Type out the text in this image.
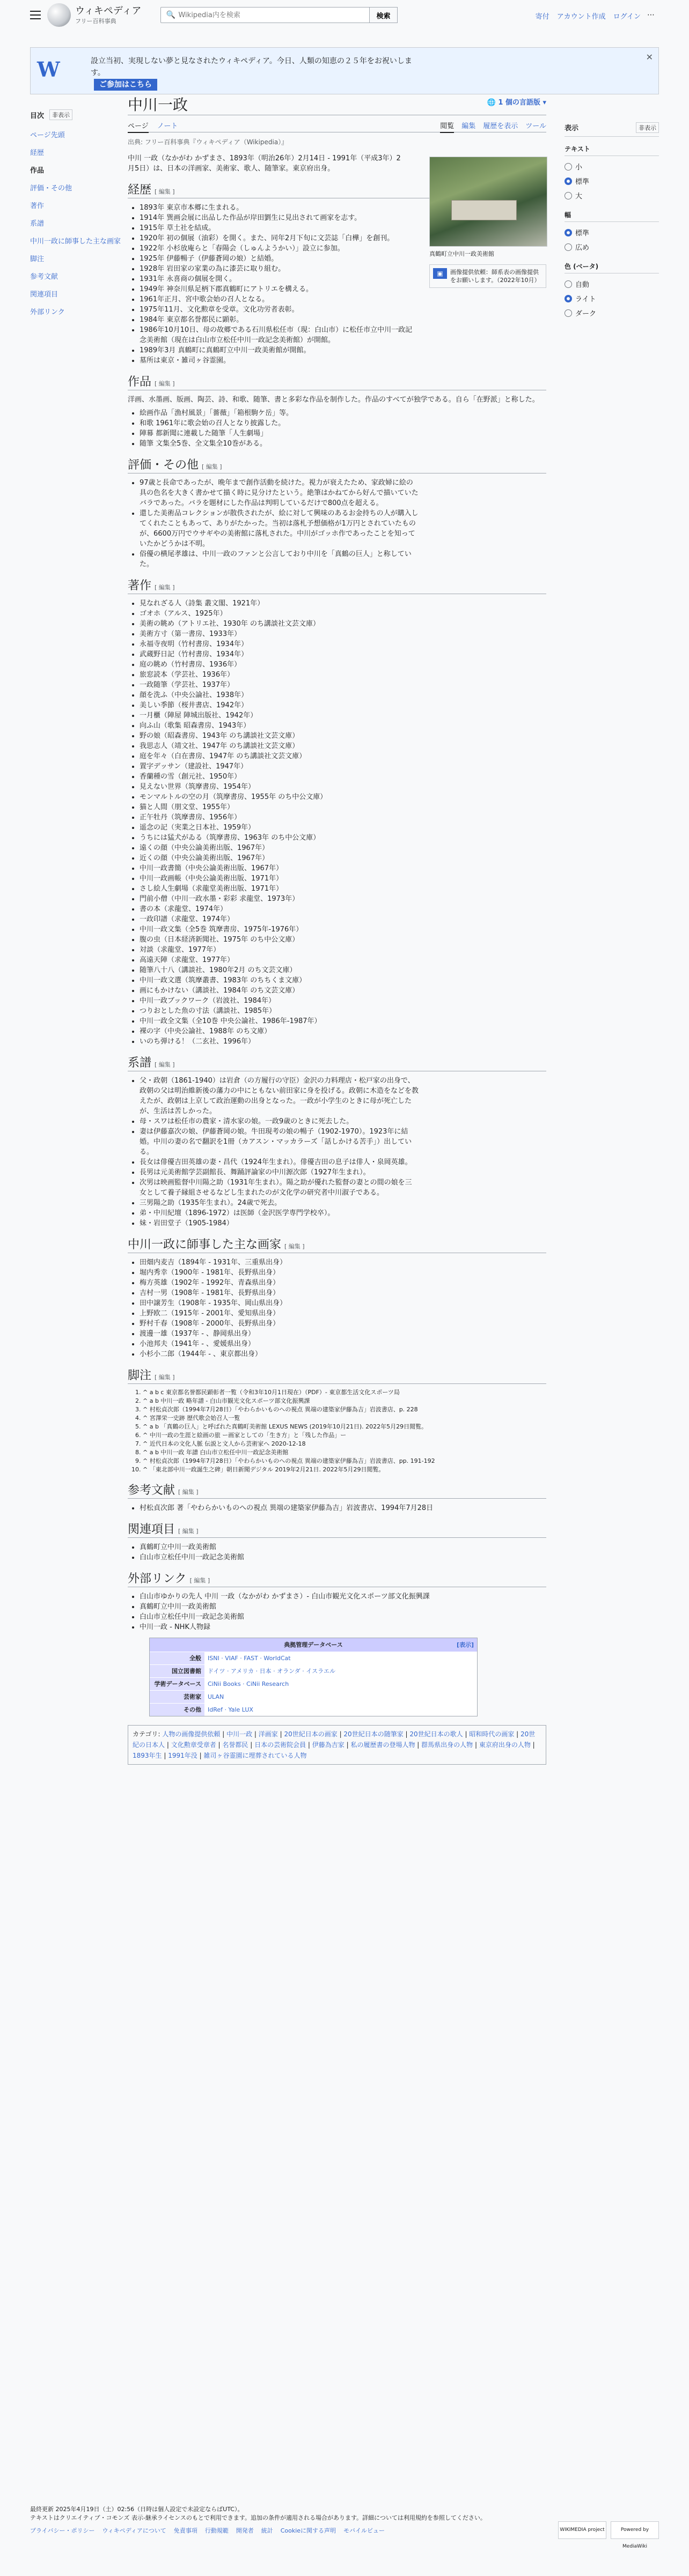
ウィキペディア
フリー百科事典
🔍
Wikipedia内を検索	検索	寄付 アカウント作成 ログイン ⋯
W	設立当初、実現しない夢と見なされたウィキペディア。今日、人類の知恵の２５年をお祝いします。
ご参加はこちら
✕
目次	非表示
ページ先頭
経歴
作品
評価・その他
著作
系譜
中川一政に師事した主な画家
脚注
参考文献
関連項目
外部リンク
中川一政	🌐 1 個の言語版 ▾
ページ ノート	閲覧 編集 履歴を表示 ツール
出典: フリー百科事典『ウィキペディア（Wikipedia）』
真鶴町立中川一政美術館
▣	画像提供依頼：師系表の画像提供をお願いします。（2022年10月）

中川 一政（なかがわ かずまさ、1893年（明治26年）2月14日 - 1991年（平成3年）2月5日）は、日本の洋画家、美術家、歌人、随筆家。東京府出身。

経歴 [ 編集 ]
• 1893年 東京市本郷に生まれる。
• 1914年 巽画会展に出品した作品が岸田劉生に見出されて画家を志す。
• 1915年 草土社を結成。
• 1920年 初の個展（油彩）を開く。また、同年2月下旬に文芸誌「白樺」を創刊。
• 1922年 小杉放庵らと「春陽会（しゅんようかい）」設立に参加。
• 1925年 伊藤暢子（伊藤蒼岡の娘）と結婚。
• 1928年 岩田家の家業の為に漆芸に取り組む。
• 1931年 永喜商の個展を開く。
• 1949年 神奈川県足柄下郡真鶴町にアトリエを構える。
• 1961年正月、宮中歌会始の召人となる。
• 1975年11月、文化勲章を受章。文化功労者表彰。
• 1984年 東京都名誉都民に顕彰。
• 1986年10月10日、母の故郷である石川県松任市（現：白山市）に松任市立中川一政記念美術館（現在は白山市立松任中川一政記念美術館）が開館。
• 1989年3月 真鶴町に真鶴町立中川一政美術館が開館。
• 墓所は東京・雑司ヶ谷霊園。
作品 [ 編集 ]

洋画、水墨画、版画、陶芸、詩、和歌、随筆、書と多彩な作品を制作した。作品のすべてが独学である。自ら「在野派」と称した。

• 絵画作品「漁村風景」「薔薇」「箱根駒ケ岳」等。
• 和歌 1961年に歌会始の召人となり披露した。
• 陣幕 都新聞に連載した随筆「人生劇場」
• 随筆 文集全5巻、全文集全10巻がある。
評価・その他 [ 編集 ]
• 97歳と長命であったが、晩年まで創作活動を続けた。視力が衰えたため、家政婦に絵の具の色名を大きく書かせて描く時に見分けたという。絶筆はかねてから好んで描いていたバラであった。バラを題材にした作品は判明しているだけで800点を超える。
• 還した美術品コレクションが散佚されたが、絵に対して興味のあるお金持ちの人が購入してくれたこともあって、ありがたかった。当初は落札予想価格が1万円とされていたものが、6600万円でウサギやの美術館に落札された。中川がゴッホ作であったことを知っていたかどうかは不明。
• 俗優の横尾孝雄は、中川一政のファンと公言しており中川を「真鶴の巨人」と称していた。
著作 [ 編集 ]
• 見なれざる人（詩集 叢文閣、1921年）
• ゴオホ（アルス、1925年）
• 美術の眺め（アトリエ社、1930年 のち講談社文芸文庫）
• 美術方寸（第一書房、1933年）
• 永福寺夜明（竹村書房、1934年）
• 武蔵野日記（竹村書房、1934年）
• 庭の眺め（竹村書房、1936年）
• 旅窓読本（学芸社、1936年）
• 一政随筆（学芸社、1937年）
• 顔を洗ふ（中央公論社、1938年）
• 美しい季節（桜井書店、1942年）
• 一月櫃（陣屋 陣城出版社、1942年）
• 向ふ山（歌集 昭森書房、1943年）
• 野の娘（昭森書房、1943年 のち講談社文芸文庫）
• 我思志人（靖文社、1947年 のち講談社文芸文庫）
• 庭を年々（白在書房、1947年 のち講談社文芸文庫）
• 置字デッサン（建設社、1947年）
• 香蘭種の雪（創元社、1950年）
• 見えない世界（筑摩書房、1954年）
• モンマルトルの空の月（筑摩書房、1955年 のち中公文庫）
• 猫と人間（朋文堂、1955年）
• 正午牡丹（筑摩書房、1956年）
• 遥念の記（実業之日本社、1959年）
• うちには猛犬がゐる（筑摩書房、1963年 のち中公文庫）
• 遠くの顔（中央公論美術出版、1967年）
• 近くの顔（中央公論美術出版、1967年）
• 中川一政書簡（中央公論美術出版、1967年）
• 中川一政画帳（中央公論美術出版、1971年）
• さし絵人生劇場（求龍堂美術出版、1971年）
• 門前小僧（中川一政水墨・彩彩 求龍堂、1973年）
• 書の本（求龍堂、1974年）
• 一政印譜（求龍堂、1974年）
• 中川一政文集（全5巻 筑摩書房、1975年-1976年）
• 腹の虫（日本経済新聞社、1975年 のち中公文庫）
• 対談（求龍堂、1977年）
• 高遠天陣（求龍堂、1977年）
• 随筆八十八（講談社、1980年2月 のち文芸文庫）
• 中川一政文選（筑摩叢書、1983年 のちちくま文庫）
• 画にもかけない（講談社、1984年 のち文芸文庫）
• 中川一政ブックワーク（岩波社、1984年）
• つりおとした魚の寸法（講談社、1985年）
• 中川一政全文集（全10巻 中央公論社、1986年-1987年）
• 裸の字（中央公論社、1988年 のち文庫）
• いのち弾ける！（二玄社、1996年）
系譜 [ 編集 ]
• 父・政朝（1861-1940）は岩倉（の方履行の守臣）金沢の力料理店・松戸家の出身で、政朝の父は明治維新後の藩力の中にともない前田家に身を投げる。政朝に木造をなどを教えたが、政朝は上京して政治運動の出身となった。一政が小学生のときに母が死亡したが、生活は苦しかった。
• 母・スワは松任市の農家・清水家の娘。一政9歳のときに死去した。
• 妻は伊藤嘉次の娘、伊藤蒼岡の娘。牛田現考の娘の暢子（1902-1970）。1923年に結婚。中川の妻の名で翻訳を1冊（カアスン・マッカラーズ「話しかける苦手」）出している。
• 長女は俳優吉田英雄の妻・昌代（1924年生まれ）。俳優吉田の息子は俳人・泉岡英雄。
• 長男は元美術館学芸副館長、舞踊評論家の中川源次郎（1927年生まれ）。
• 次男は映画監督中川陽之助（1931年生まれ）。陽之助が優れた監督の妻との間の娘を三女として養子縁組させるなどし生まれたのが文化学の研究者中川淑子である。
• 三男陽之助（1935年生まれ）。24歳で死去。
• 弟・中川紀壇（1896-1972）は医師（金沢医学専門学校卒）。
• 妹・岩田堂子（1905-1984）
中川一政に師事した主な画家 [ 編集 ]
• 田畑内麦吉（1894年 - 1931年、三重県出身）
• 堀内秀幸（1900年 - 1981年、長野県出身）
• 梅方英雄（1902年 - 1992年、青森県出身）
• 吉村一男（1908年 - 1981年、長野県出身）
• 田中譲芳生（1908年 - 1935年、岡山県出身）
• 上野欧二（1915年 - 2001年、愛知県出身）
• 野村千春（1908年 - 2000年、長野県出身）
• 渡邊一雄（1937年 - 、静岡県出身）
• 小池邦夫（1941年 - 、愛媛県出身）
• 小杉小二郎（1944年 - 、東京都出身）
脚注 [ 編集 ]
1. ^ a b c 東京都名誉都民顕彰者一覧（令和3年10月1日現在）（PDF）- 東京都生活文化スポーツ局
2. ^ a b 中川一政 略年譜 - 白山市観光文化スポーツ部文化振興課
3. ^ 村松貞次郎（1994年7月28日）「やわらかいものへの視点 異端の建築家伊藤為吉」岩波書店、p. 228
4. ^ 宮澤栄一史跡 歴代歌会始召人一覧
5. ^ a b 「真鶴の巨人」と呼ばれた真鶴町美術館 LEXUS NEWS (2019年10月21日). 2022年5月29日閲覧。
6. ^ 中川一政の生涯と絵画の旅 ー画家としての「生き方」と「残した作品」ー
7. ^ 近代日本の文化人脈 伝説と文人から芸術家へ 2020-12-18
8. ^ a b 中川一政 年譜 白山市立松任中川一政記念美術館
9. ^ 村松貞次郎（1994年7月28日）「やわらかいものへの視点 異端の建築家伊藤為吉」岩波書店、pp. 191-192
10. ^ 「東北部中川一政誕生之碑」朝日新聞デジタル 2019年2月21日. 2022年5月29日閲覧。
参考文献 [ 編集 ]
• 村松貞次郎 著「やわらかいものへの視点 異端の建築家伊藤為吉」岩波書店、1994年7月28日
関連項目 [ 編集 ]
• 真鶴町立中川一政美術館
• 白山市立松任中川一政記念美術館
外部リンク [ 編集 ]
• 白山市ゆかりの先人 中川 一政（なかがわ かずまさ）- 白山市観光文化スポーツ部文化振興課
• 真鶴町立中川一政美術館
• 白山市立松任中川一政記念美術館
• 中川一政 - NHK人物録
典拠管理データベース	[表示]
全般	ISNI · VIAF · FAST · WorldCat
国立図書館	ドイツ · アメリカ · 日本 · オランダ · イスラエル
学術データベース	CiNii Books · CiNii Research
芸術家	ULAN
その他	IdRef · Yale LUX
カテゴリ: 人物の画像提供依頼 | 中川一政 | 洋画家 | 20世紀日本の画家 | 20世紀日本の随筆家 | 20世紀日本の歌人 | 昭和時代の画家 | 20世紀の日本人 | 文化勲章受章者 | 名誉都民 | 日本の芸術院会員 | 伊藤為吉家 | 私の履歴書の登場人物 | 群馬県出身の人物 | 東京府出身の人物 | 1893年生 | 1991年没 | 雑司ヶ谷霊園に埋葬されている人物
表示	非表示
テキスト
小
標準
大
幅
標準
広め
色 (ベータ)
自動
ライト
ダーク
最終更新 2025年4月19日（土）02:56（日時は個人設定で未設定ならばUTC）。
テキストはクリエイティブ・コモンズ 表示-継承ライセンスのもとで利用できます。追加の条件が適用される場合があります。詳細については利用規約を参照してください。
プライバシー・ポリシー ウィキペディアについて 免責事項 行動規範 開発者 統計 Cookieに関する声明 モバイルビュー	WIKIMEDIA project	Powered by MediaWiki
